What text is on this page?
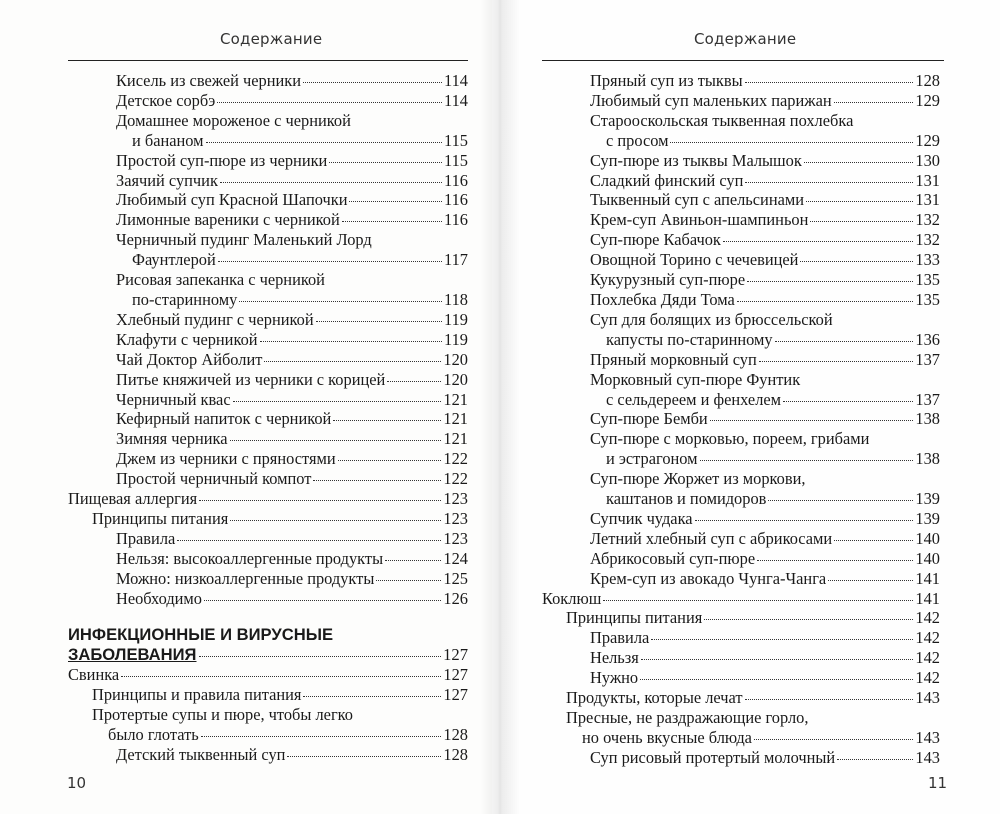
Содержание
Кисель из свежей черники	114
Детское сорбэ	114
Домашнее мороженое с черникой
и бананом	115
Простой суп-пюре из черники	115
Заячий супчик	116
Любимый суп Красной Шапочки	116
Лимонные вареники с черникой	116
Черничный пудинг Маленький Лорд
Фаунтлерой	117
Рисовая запеканка с черникой
по-старинному	118
Хлебный пудинг с черникой	119
Клафути с черникой	119
Чай Доктор Айболит	120
Питье княжичей из черники с корицей	120
Черничный квас	121
Кефирный напиток с черникой	121
Зимняя черника	121
Джем из черники с пряностями	122
Простой черничный компот	122
Пищевая аллергия	123
Принципы питания	123
Правила	123
Нельзя: высокоаллергенные продукты	124
Можно: низкоаллергенные продукты	125
Необходимо	126
ИНФЕКЦИОННЫЕ И ВИРУСНЫЕ
ЗАБОЛЕВАНИЯ	127
Свинка	127
Принципы и правила питания	127
Протертые супы и пюре, чтобы легко
было глотать	128
Детский тыквенный суп	128
10
Содержание
Пряный суп из тыквы	128
Любимый суп маленьких парижан	129
Старооскольская тыквенная похлебка
с просом	129
Суп-пюре из тыквы Малышок	130
Сладкий финский суп	131
Тыквенный суп с апельсинами	131
Крем-суп Авиньон-шампиньон	132
Суп-пюре Кабачок	132
Овощной Торино с чечевицей	133
Кукурузный суп-пюре	135
Похлебка Дяди Тома	135
Суп для болящих из брюссельской
капусты по-старинному	136
Пряный морковный суп	137
Морковный суп-пюре Фунтик
с сельдереем и фенхелем	137
Суп-пюре Бемби	138
Суп-пюре с морковью, пореем, грибами
и эстрагоном	138
Суп-пюре Жоржет из моркови,
каштанов и помидоров	139
Супчик чудака	139
Летний хлебный суп с абрикосами	140
Абрикосовый суп-пюре	140
Крем-суп из авокадо Чунга-Чанга	141
Коклюш	141
Принципы питания	142
Правила	142
Нельзя	142
Нужно	142
Продукты, которые лечат	143
Пресные, не раздражающие горло,
но очень вкусные блюда	143
Суп рисовый протертый молочный	143
11
